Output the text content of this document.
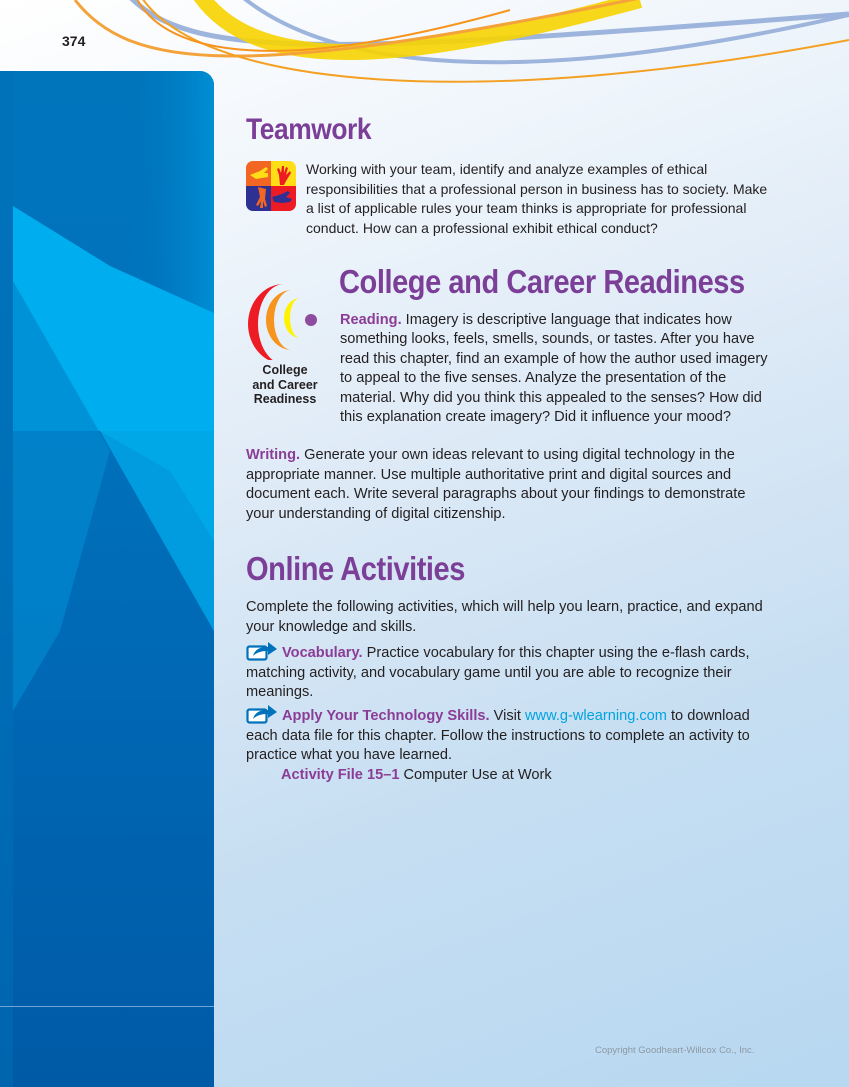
374
Teamwork

Working with your team, identify and analyze examples of ethical responsibilities that a professional person in business has to society. Make a list of applicable rules your team thinks is appropriate for professional conduct. How can a professional exhibit ethical conduct?

College
and Career
Readiness
College and Career Readiness

Reading. Imagery is descriptive language that indicates how something looks, feels, smells, sounds, or tastes. After you have read this chapter, find an example of how the author used imagery to appeal to the five senses. Analyze the presentation of the material. Why did you think this appealed to the senses? How did this explanation create imagery? Did it influence your mood?

Writing. Generate your own ideas relevant to using digital technology in the appropriate manner. Use multiple authoritative print and digital sources and document each. Write several paragraphs about your findings to demonstrate your understanding of digital citizenship.

Online Activities

Complete the following activities, which will help you learn, practice, and expand your knowledge and skills.

Vocabulary. Practice vocabulary for this chapter using the e-flash cards, matching activity, and vocabulary game until you are able to recognize their meanings.

Apply Your Technology Skills. Visit www.g-wlearning.com to download each data file for this chapter. Follow the instructions to complete an activity to practice what you have learned.

Activity File 15–1 Computer Use at Work

Copyright Goodheart-Willcox Co., Inc.
